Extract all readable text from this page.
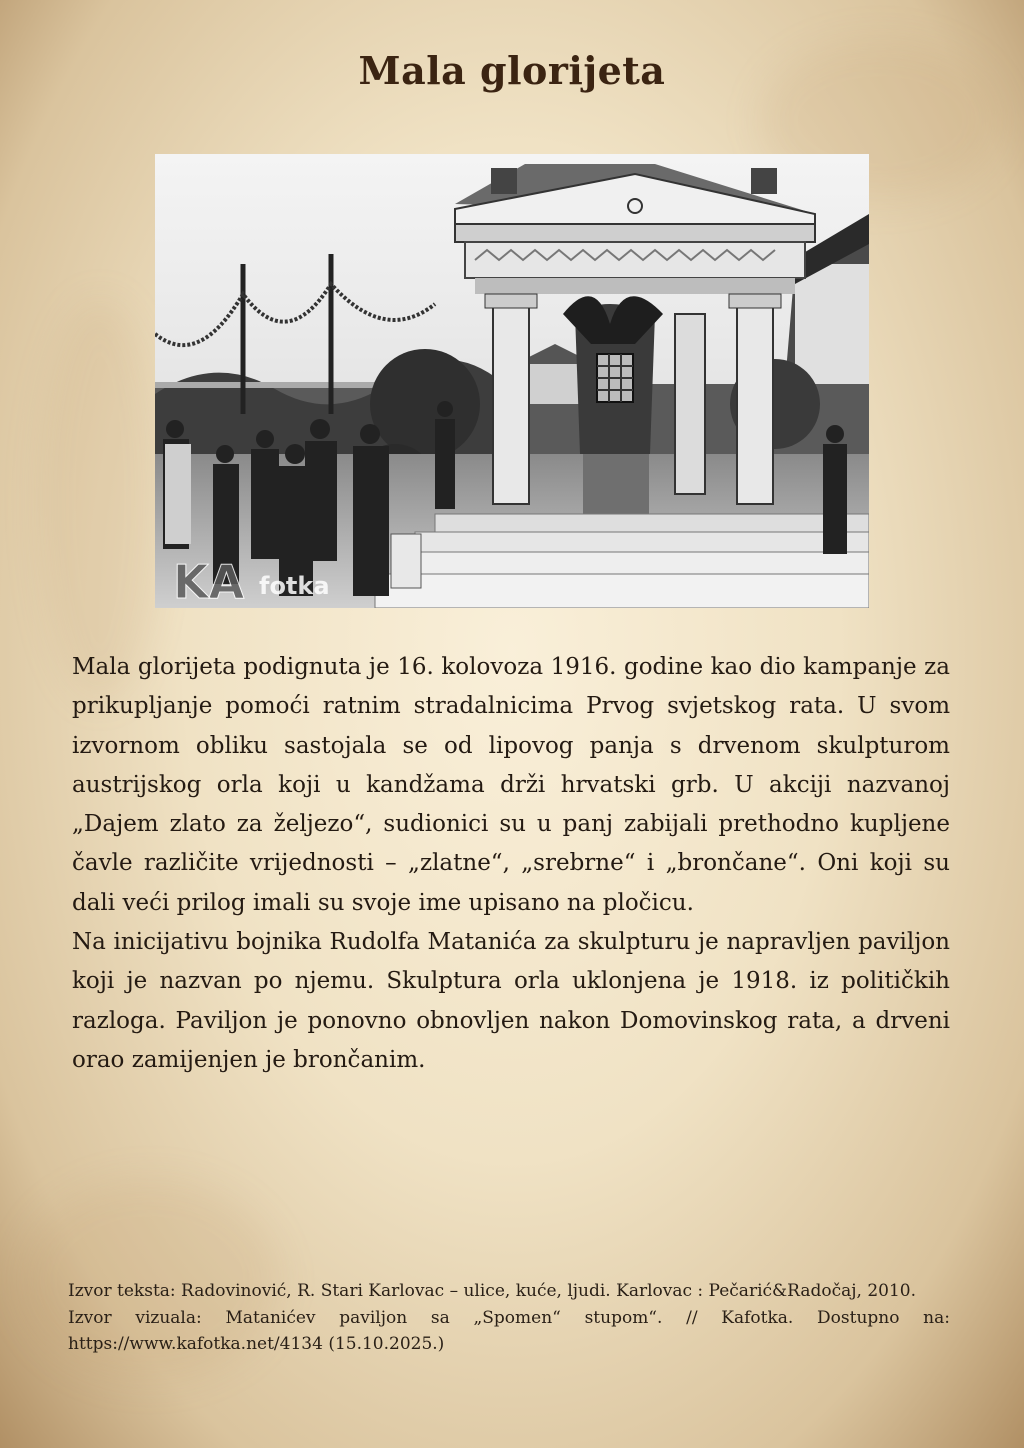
Mala glorijeta
KA fotka

Mala glorijeta podignuta je 16. kolovoza 1916. godine kao dio kampanje za prikupljanje pomoći ratnim stradalnicima Prvog svjetskog rata. U svom izvornom obliku sastojala se od lipovog panja s drvenom skulpturom austrijskog orla koji u kandžama drži hrvatski grb. U akciji nazvanoj „Dajem zlato za željezo“, sudionici su u panj zabijali prethodno kupljene čavle različite vrijednosti – „zlatne“, „srebrne“ i „brončane“. Oni koji su dali veći prilog imali su svoje ime upisano na pločicu.

Na inicijativu bojnika Rudolfa Matanića za skulpturu je napravljen paviljon koji je nazvan po njemu. Skulptura orla uklonjena je 1918. iz političkih razloga. Paviljon je ponovno obnovljen nakon Domovinskog rata, a drveni orao zamijenjen je brončanim.

Izvor teksta: Radovinović, R. Stari Karlovac – ulice, kuće, ljudi. Karlovac : Pečarić&Radočaj, 2010.

Izvor vizuala: Matanićev paviljon sa „Spomen“ stupom“. // Kafotka. Dostupno na: https://www.kafotka.net/4134 (15.10.2025.)
